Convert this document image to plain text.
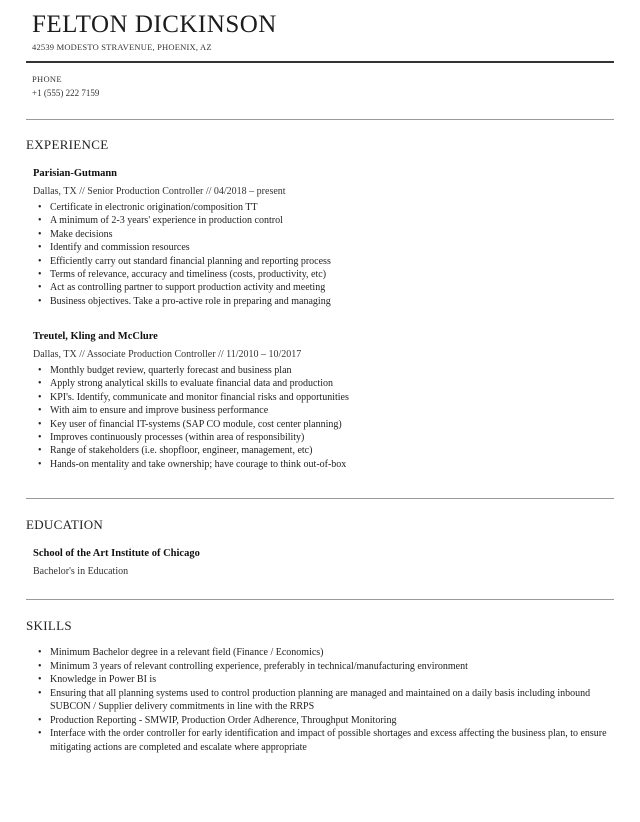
FELTON DICKINSON
42539 MODESTO STRAVENUE, PHOENIX, AZ
PHONE
+1 (555) 222 7159
EXPERIENCE
Parisian-Gutmann
Dallas, TX // Senior Production Controller // 04/2018 – present
• Certificate in electronic origination/composition TT
• A minimum of 2-3 years' experience in production control
• Make decisions
• Identify and commission resources
• Efficiently carry out standard financial planning and reporting process
• Terms of relevance, accuracy and timeliness (costs, productivity, etc)
• Act as controlling partner to support production activity and meeting
• Business objectives. Take a pro-active role in preparing and managing
Treutel, Kling and McClure
Dallas, TX // Associate Production Controller // 11/2010 – 10/2017
• Monthly budget review, quarterly forecast and business plan
• Apply strong analytical skills to evaluate financial data and production
• KPI's. Identify, communicate and monitor financial risks and opportunities
• With aim to ensure and improve business performance
• Key user of financial IT-systems (SAP CO module, cost center planning)
• Improves continuously processes (within area of responsibility)
• Range of stakeholders (i.e. shopfloor, engineer, management, etc)
• Hands-on mentality and take ownership; have courage to think out-of-box
EDUCATION
School of the Art Institute of Chicago
Bachelor's in Education
SKILLS
• Minimum Bachelor degree in a relevant field (Finance / Economics)
• Minimum 3 years of relevant controlling experience, preferably in technical/manufacturing environment
• Knowledge in Power BI is
• Ensuring that all planning systems used to control production planning are managed and maintained on a daily basis including inbound SUBCON / Supplier delivery commitments in line with the RRPS
• Production Reporting - SMWIP, Production Order Adherence, Throughput Monitoring
• Interface with the order controller for early identification and impact of possible shortages and excess affecting the business plan, to ensure mitigating actions are completed and escalate where appropriate
